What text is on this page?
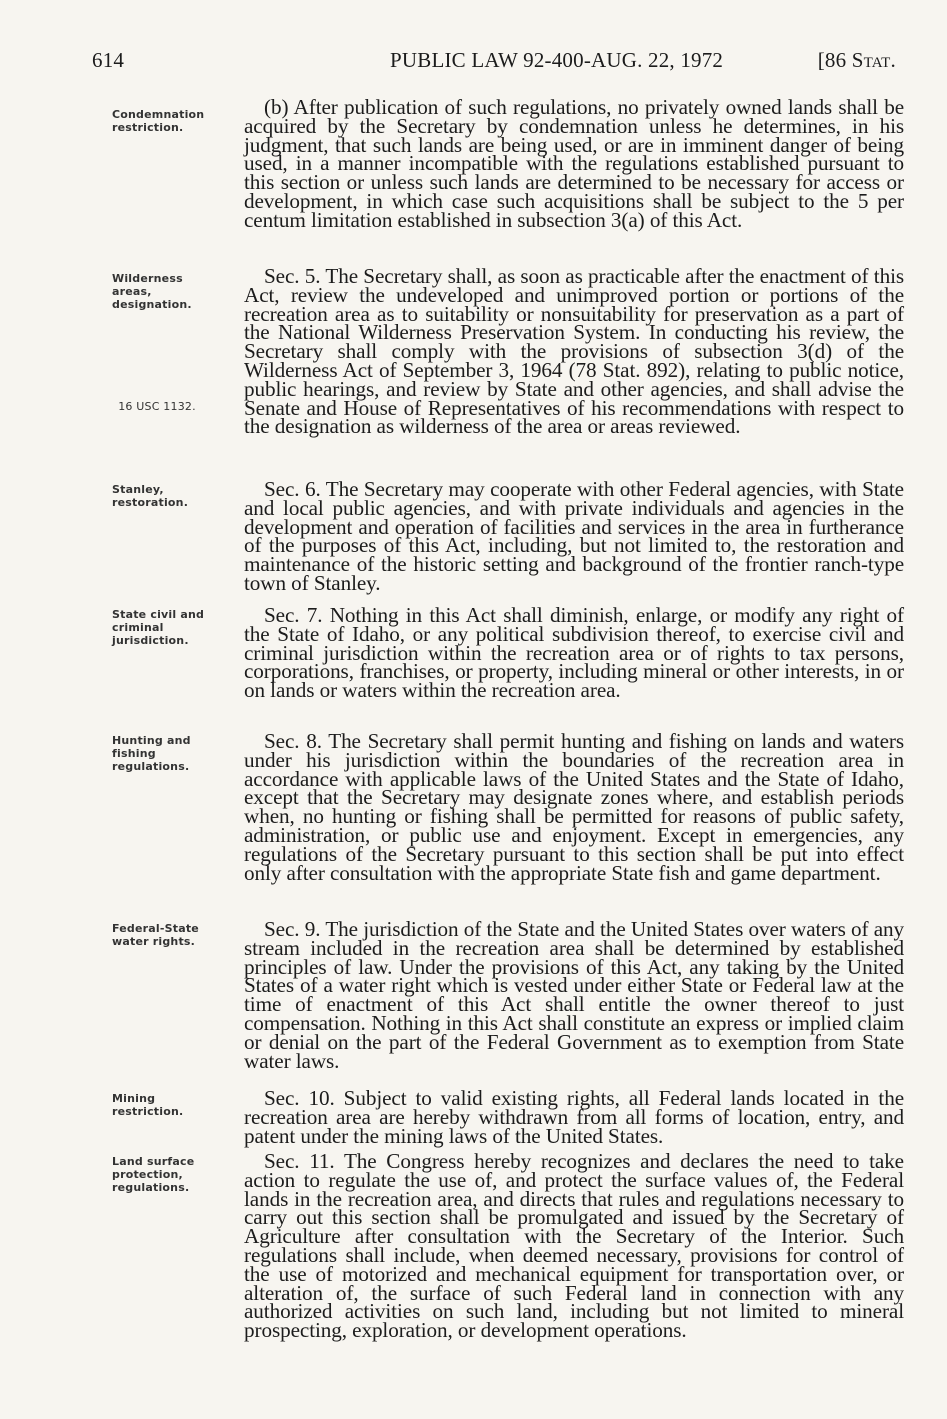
614	PUBLIC LAW 92-400-AUG. 22, 1972	[86 Stat.
Condemnation restriction.
Wilderness areas, designation.
16 USC 1132.
Stanley, restoration.
State civil and criminal jurisdiction.
Hunting and fishing regulations.
Federal-State water rights.
Mining restriction.
Land surface protection, regulations.

(b) After publication of such regulations, no privately owned lands shall be acquired by the Secretary by condemnation unless he determines, in his judgment, that such lands are being used, or are in imminent danger of being used, in a manner incompatible with the regulations established pursuant to this section or unless such lands are determined to be necessary for access or development, in which case such acquisitions shall be subject to the 5 per centum limitation established in subsection 3(a) of this Act.

Sec. 5. The Secretary shall, as soon as practicable after the enactment of this Act, review the undeveloped and unimproved portion or portions of the recreation area as to suitability or nonsuitability for preservation as a part of the National Wilderness Preservation System. In conducting his review, the Secretary shall comply with the provisions of subsection 3(d) of the Wilderness Act of September 3, 1964 (78 Stat. 892), relating to public notice, public hearings, and review by State and other agencies, and shall advise the Senate and House of Representatives of his recommendations with respect to the designation as wilderness of the area or areas reviewed.

Sec. 6. The Secretary may cooperate with other Federal agencies, with State and local public agencies, and with private individuals and agencies in the development and operation of facilities and services in the area in furtherance of the purposes of this Act, including, but not limited to, the restoration and maintenance of the historic setting and background of the frontier ranch-type town of Stanley.

Sec. 7. Nothing in this Act shall diminish, enlarge, or modify any right of the State of Idaho, or any political subdivision thereof, to exercise civil and criminal jurisdiction within the recreation area or of rights to tax persons, corporations, franchises, or property, including mineral or other interests, in or on lands or waters within the recreation area.

Sec. 8. The Secretary shall permit hunting and fishing on lands and waters under his jurisdiction within the boundaries of the recreation area in accordance with applicable laws of the United States and the State of Idaho, except that the Secretary may designate zones where, and establish periods when, no hunting or fishing shall be permitted for reasons of public safety, administration, or public use and enjoyment. Except in emergencies, any regulations of the Secretary pursuant to this section shall be put into effect only after consultation with the appropriate State fish and game department.

Sec. 9. The jurisdiction of the State and the United States over waters of any stream included in the recreation area shall be determined by established principles of law. Under the provisions of this Act, any taking by the United States of a water right which is vested under either State or Federal law at the time of enactment of this Act shall entitle the owner thereof to just compensation. Nothing in this Act shall constitute an express or implied claim or denial on the part of the Federal Government as to exemption from State water laws.

Sec. 10. Subject to valid existing rights, all Federal lands located in the recreation area are hereby withdrawn from all forms of location, entry, and patent under the mining laws of the United States.

Sec. 11. The Congress hereby recognizes and declares the need to take action to regulate the use of, and protect the surface values of, the Federal lands in the recreation area, and directs that rules and regulations necessary to carry out this section shall be promulgated and issued by the Secretary of Agriculture after consultation with the Secretary of the Interior. Such regulations shall include, when deemed necessary, provisions for control of the use of motorized and mechanical equipment for transportation over, or alteration of, the surface of such Federal land in connection with any authorized activities on such land, including but not limited to mineral prospecting, exploration, or development operations.
